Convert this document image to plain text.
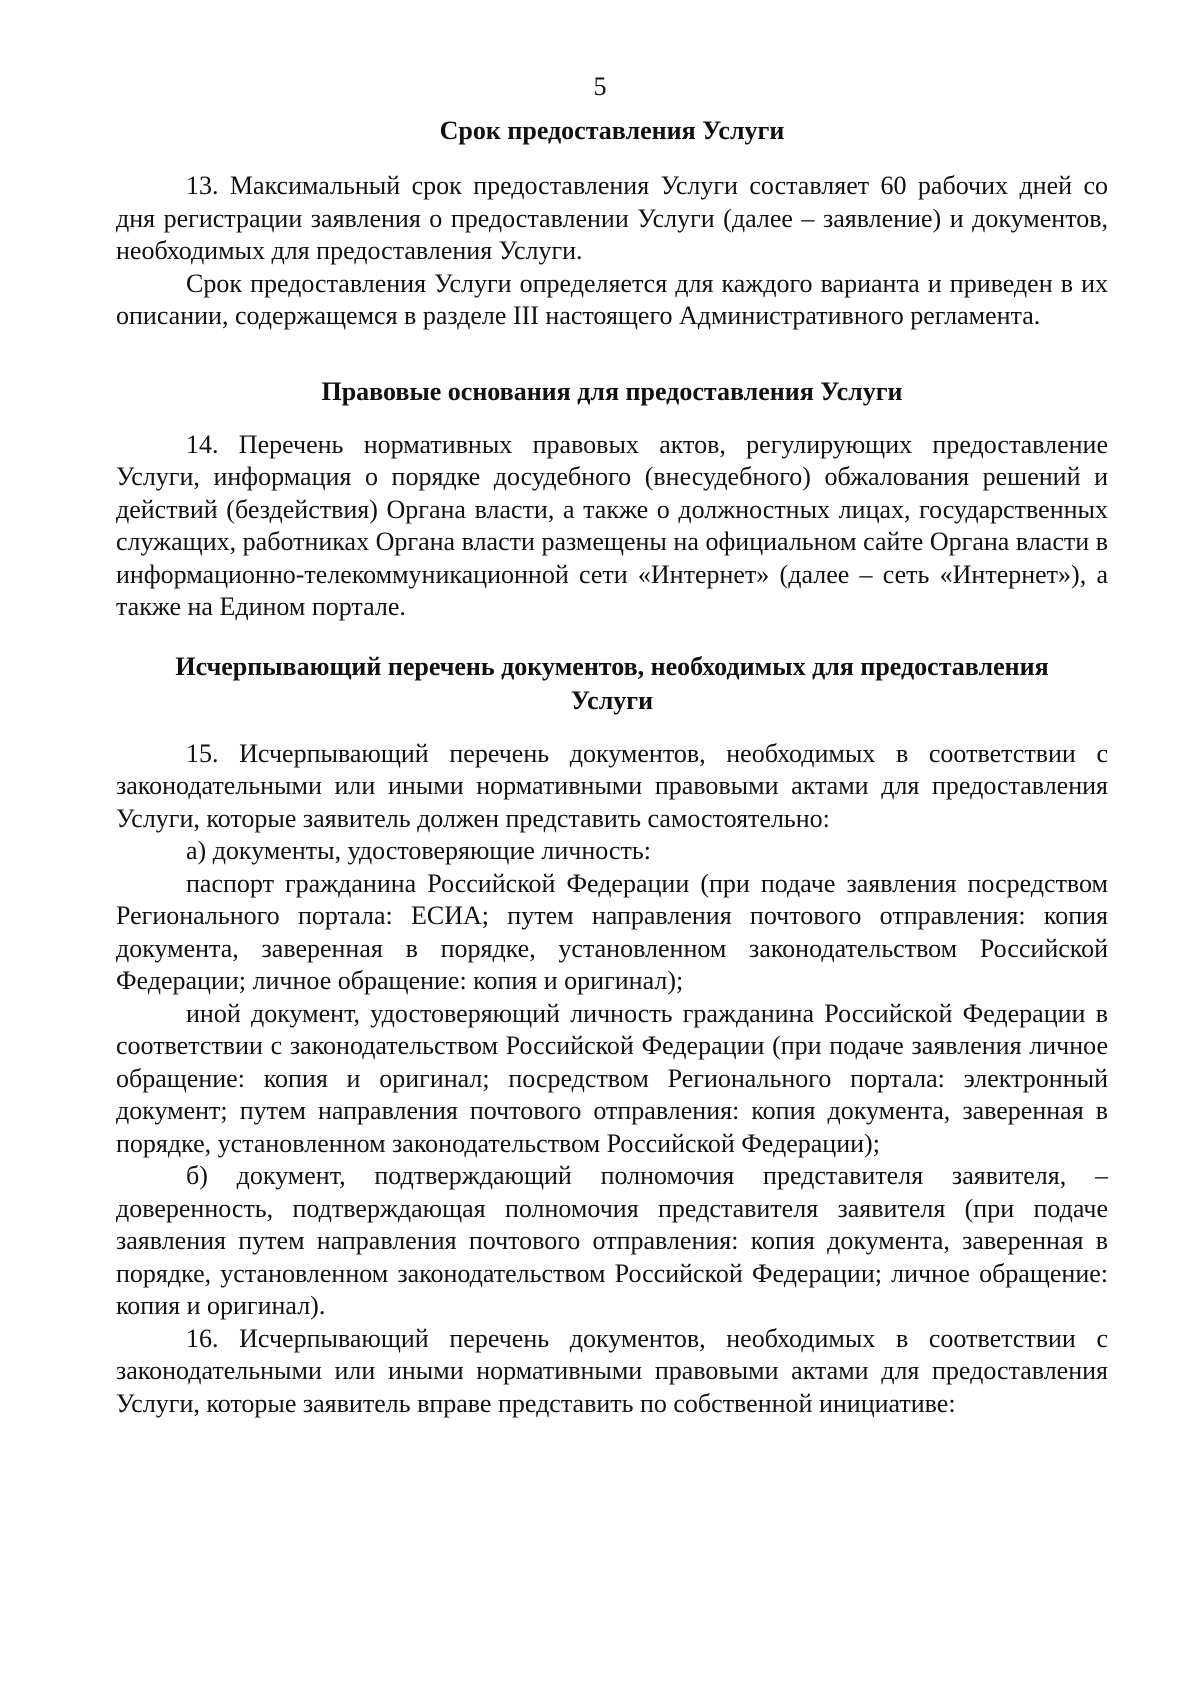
5
Срок предоставления Услуги

13. Максимальный срок предоставления Услуги составляет 60 рабочих дней со дня регистрации заявления о предоставлении Услуги (далее – заявление) и документов, необходимых для предоставления Услуги.

Срок предоставления Услуги определяется для каждого варианта и приведен в их описании, содержащемся в разделе III настоящего Административного регламента.

Правовые основания для предоставления Услуги

14. Перечень нормативных правовых актов, регулирующих предоставление Услуги, информация о порядке досудебного (внесудебного) обжалования решений и действий (бездействия) Органа власти, а также о должностных лицах, государственных служащих, работниках Органа власти размещены на официальном сайте Органа власти в информационно-телекоммуникационной сети «Интернет» (далее – сеть «Интернет»), а также на Едином портале.

Исчерпывающий перечень документов, необходимых для предоставления Услуги

15. Исчерпывающий перечень документов, необходимых в соответствии с законодательными или иными нормативными правовыми актами для предоставления Услуги, которые заявитель должен представить самостоятельно:

а) документы, удостоверяющие личность:

паспорт гражданина Российской Федерации (при подаче заявления посредством Регионального портала: ЕСИА; путем направления почтового отправления: копия документа, заверенная в порядке, установленном законодательством Российской Федерации; личное обращение: копия и оригинал);

иной документ, удостоверяющий личность гражданина Российской Федерации в соответствии с законодательством Российской Федерации (при подаче заявления личное обращение: копия и оригинал; посредством Регионального портала: электронный документ; путем направления почтового отправления: копия документа, заверенная в порядке, установленном законодательством Российской Федерации);

б) документ, подтверждающий полномочия представителя заявителя, – доверенность, подтверждающая полномочия представителя заявителя (при подаче заявления путем направления почтового отправления: копия документа, заверенная в порядке, установленном законодательством Российской Федерации; личное обращение: копия и оригинал).

16. Исчерпывающий перечень документов, необходимых в соответствии с законодательными или иными нормативными правовыми актами для предоставления Услуги, которые заявитель вправе представить по собственной инициативе:
